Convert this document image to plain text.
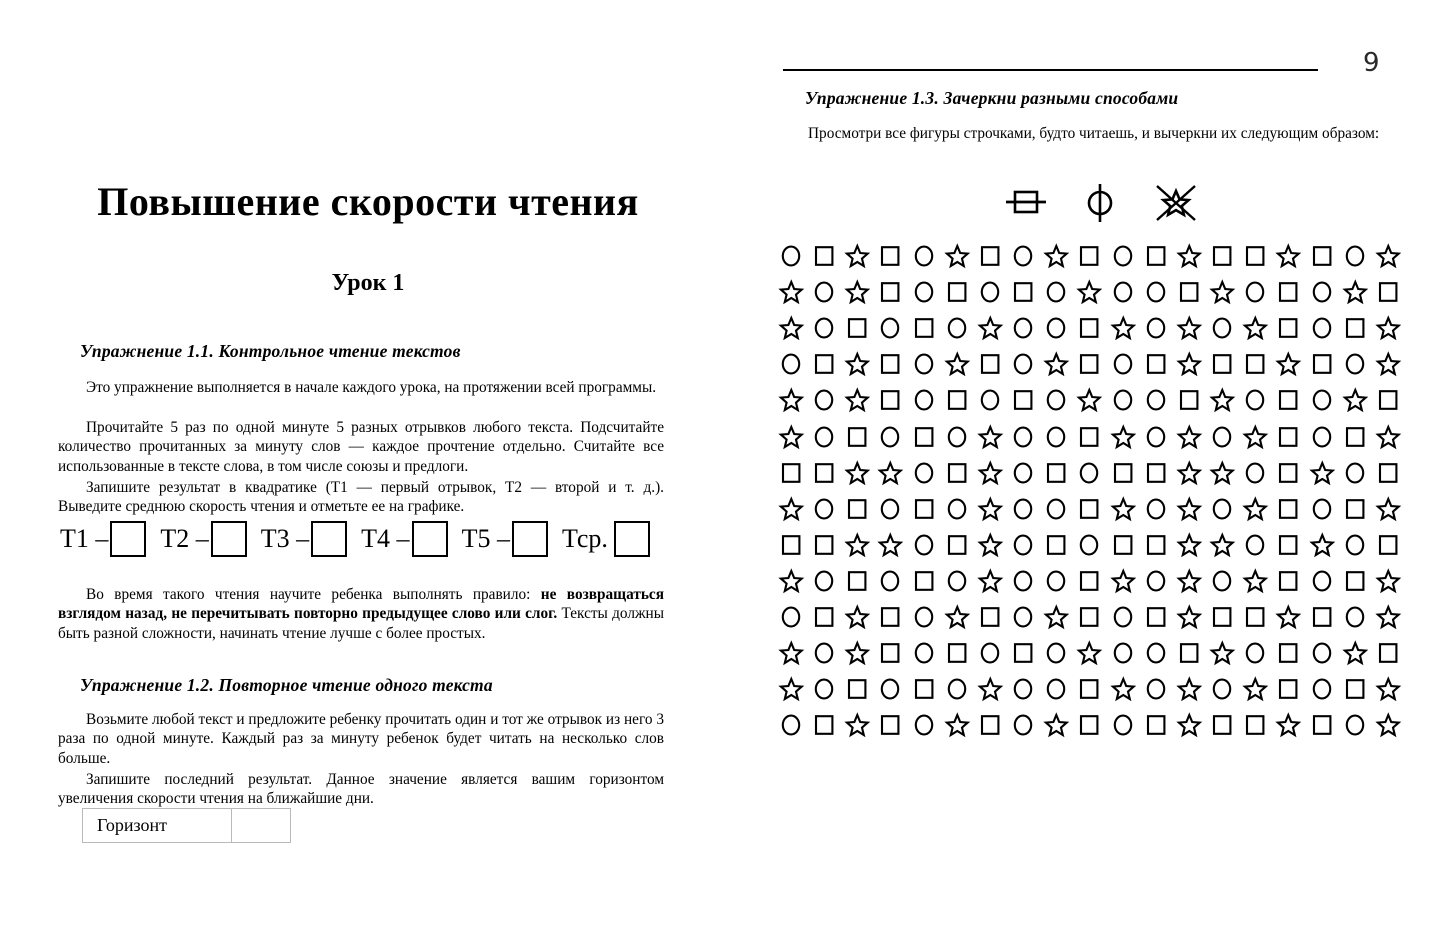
Повышение скорости чтения
Урок 1
Упражнение 1.1. Контрольное чтение текстов

Это упражнение выполняется в начале каждого урока, на протяжении всей программы.

Прочитайте 5 раз по одной минуте 5 разных отрывков любого текста. Подсчитайте количество прочитанных за минуту слов — каждое прочтение отдельно. Считайте все использованные в тексте слова, в том числе союзы и предлоги.

Запишите результат в квадратике (Т1 — первый отрывок, Т2 — второй и т. д.). Выведите среднюю скорость чтения и отметьте ее на графике.

Т1 – Т2 – Т3 – Т4 – Т5 – Тср.

Во время такого чтения научите ребенка выполнять правило: не возвращаться взглядом назад, не перечитывать повторно предыдущее слово или слог. Тексты должны быть разной сложности, начинать чтение лучше с более простых.

Упражнение 1.2. Повторное чтение одного текста

Возьмите любой текст и предложите ребенку прочитать один и тот же отрывок из него 3 раза по одной минуте. Каждый раз за минуту ребенок будет читать на несколько слов больше.

Запишите последний результат. Данное значение является вашим горизонтом увеличения скорости чтения на ближайшие дни.

Горизонт	
9
Упражнение 1.3. Зачеркни разными способами

Просмотри все фигуры строчками, будто читаешь, и вычеркни их следующим образом:
